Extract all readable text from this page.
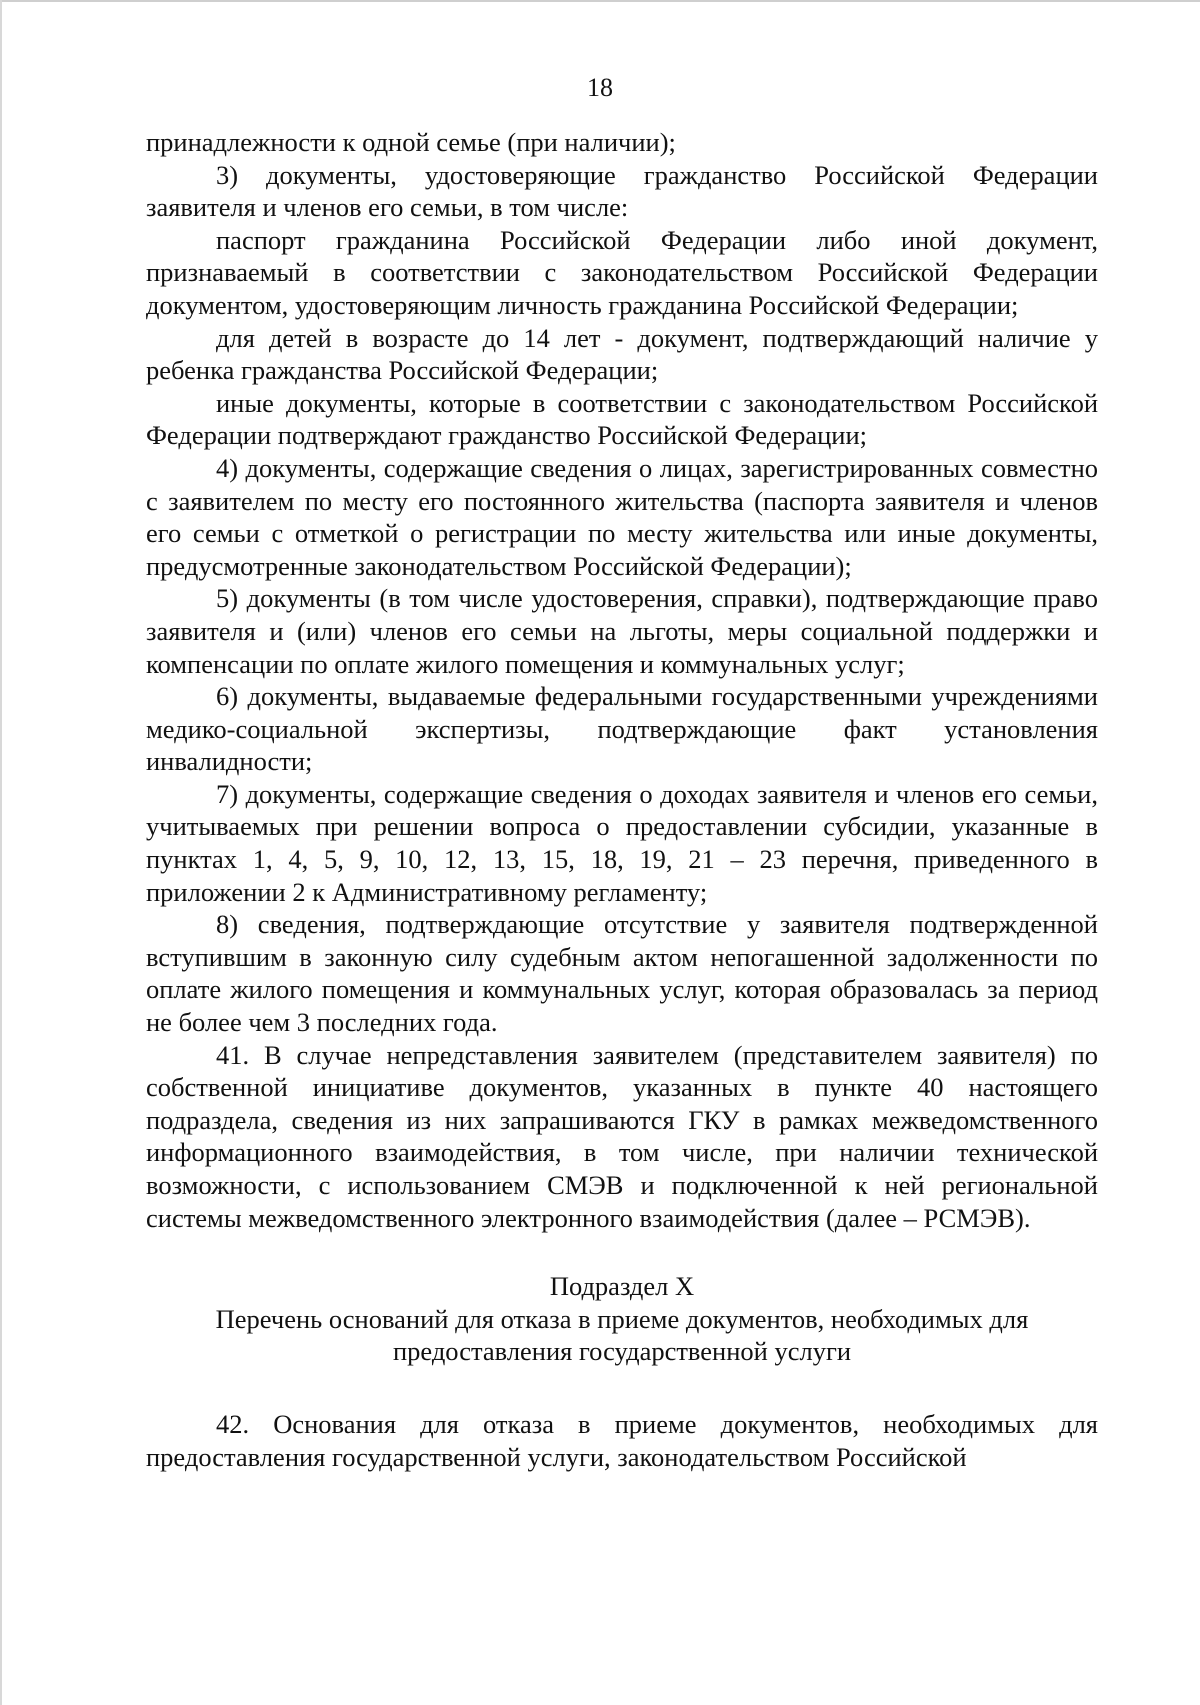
18

принадлежности к одной семье (при наличии);

3) документы, удостоверяющие гражданство Российской Федерации заявителя и членов его семьи, в том числе:

паспорт гражданина Российской Федерации либо иной документ, признаваемый в соответствии с законодательством Российской Федерации документом, удостоверяющим личность гражданина Российской Федерации;

для детей в возрасте до 14 лет - документ, подтверждающий наличие у ребенка гражданства Российской Федерации;

иные документы, которые в соответствии с законодательством Российской Федерации подтверждают гражданство Российской Федерации;

4) документы, содержащие сведения о лицах, зарегистрированных совместно с заявителем по месту его постоянного жительства (паспорта заявителя и членов его семьи с отметкой о регистрации по месту жительства или иные документы, предусмотренные законодательством Российской Федерации);

5) документы (в том числе удостоверения, справки), подтверждающие право заявителя и (или) членов его семьи на льготы, меры социальной поддержки и компенсации по оплате жилого помещения и коммунальных услуг;

6) документы, выдаваемые федеральными государственными учреждениями медико-социальной экспертизы, подтверждающие факт установления инвалидности;

7) документы, содержащие сведения о доходах заявителя и членов его семьи, учитываемых при решении вопроса о предоставлении субсидии, указанные в пунктах 1, 4, 5, 9, 10, 12, 13, 15, 18, 19, 21 – 23 перечня, приведенного в приложении 2 к Административному регламенту;

8) сведения, подтверждающие отсутствие у заявителя подтвержденной вступившим в законную силу судебным актом непогашенной задолженности по оплате жилого помещения и коммунальных услуг, которая образовалась за период не более чем 3 последних года.

41. В случае непредставления заявителем (представителем заявителя) по собственной инициативе документов, указанных в пункте 40 настоящего подраздела, сведения из них запрашиваются ГКУ в рамках межведомственного информационного взаимодействия, в том числе, при наличии технической возможности, с использованием СМЭВ и подключенной к ней региональной системы межведомственного электронного взаимодействия (далее – РСМЭВ).

Подраздел X

Перечень оснований для отказа в приеме документов, необходимых для предоставления государственной услуги

42. Основания для отказа в приеме документов, необходимых для предоставления государственной услуги, законодательством Российской
